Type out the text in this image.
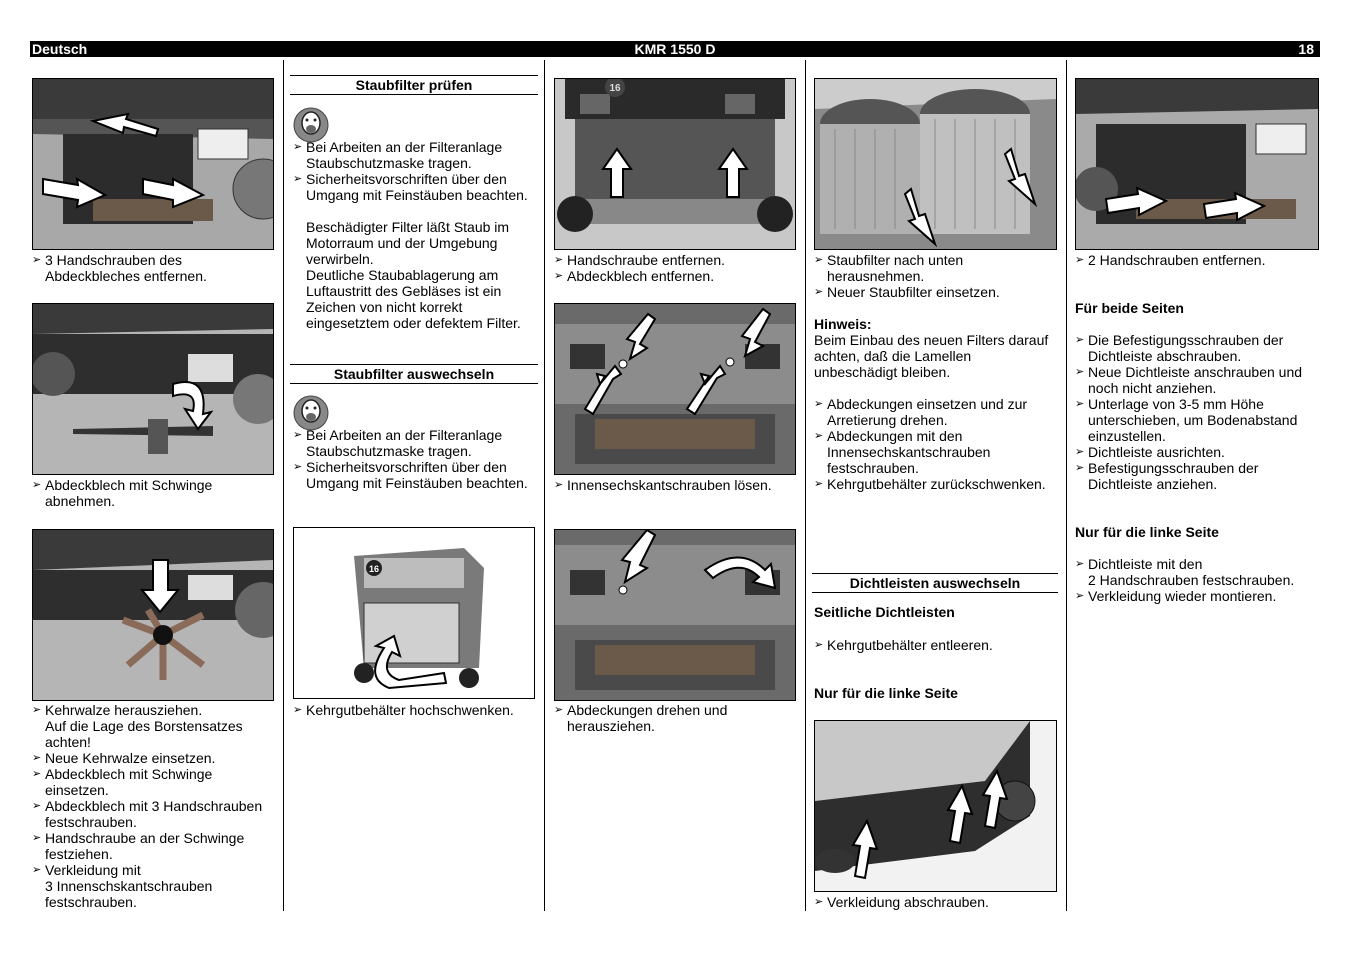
Deutsch	KMR 1550 D	18
➢ 3 Handschrauben des
Abdeckbleches entfernen.
➢ Abdeckblech mit Schwinge
abnehmen.
➢ Kehrwalze herausziehen.
Auf die Lage des Borstensatzes
achten!
➢ Neue Kehrwalze einsetzen.
➢ Abdeckblech mit Schwinge
einsetzen.
➢ Abdeckblech mit 3 Handschrauben
festschrauben.
➢ Handschraube an der Schwinge
festziehen.
➢ Verkleidung mit
3 Innenschskantschrauben
festschrauben.
Staubfilter prüfen
➢ Bei Arbeiten an der Filteranlage
Staubschutzmaske tragen.
➢ Sicherheitsvorschriften über den
Umgang mit Feinstäuben beachten.
Beschädigter Filter läßt Staub im
Motorraum und der Umgebung
verwirbeln.
Deutliche Staubablagerung am
Luftaustritt des Gebläses ist ein
Zeichen von nicht korrekt
eingesetztem oder defektem Filter.
Staubfilter auswechseln
➢ Bei Arbeiten an der Filteranlage
Staubschutzmaske tragen.
➢ Sicherheitsvorschriften über den
Umgang mit Feinstäuben beachten.
16
➢ Kehrgutbehälter hochschwenken.
16
➢ Handschraube entfernen.
➢ Abdeckblech entfernen.
➢ Innensechskantschrauben lösen.
➢ Abdeckungen drehen und
herausziehen.
➢ Staubfilter nach unten
herausnehmen.
➢ Neuer Staubfilter einsetzen.
Hinweis:
Beim Einbau des neuen Filters darauf
achten, daß die Lamellen
unbeschädigt bleiben.
➢ Abdeckungen einsetzen und zur
Arretierung drehen.
➢ Abdeckungen mit den
Innensechskantschrauben
festschrauben.
➢ Kehrgutbehälter zurückschwenken.
Dichtleisten auswechseln
Seitliche Dichtleisten
➢ Kehrgutbehälter entleeren.
Nur für die linke Seite
➢ Verkleidung abschrauben.
➢ 2 Handschrauben entfernen.
Für beide Seiten
➢ Die Befestigungsschrauben der
Dichtleiste abschrauben.
➢ Neue Dichtleiste anschrauben und
noch nicht anziehen.
➢ Unterlage von 3-5 mm Höhe
unterschieben, um Bodenabstand
einzustellen.
➢ Dichtleiste ausrichten.
➢ Befestigungsschrauben der
Dichtleiste anziehen.
Nur für die linke Seite
➢ Dichtleiste mit den
2 Handschrauben festschrauben.
➢ Verkleidung wieder montieren.
